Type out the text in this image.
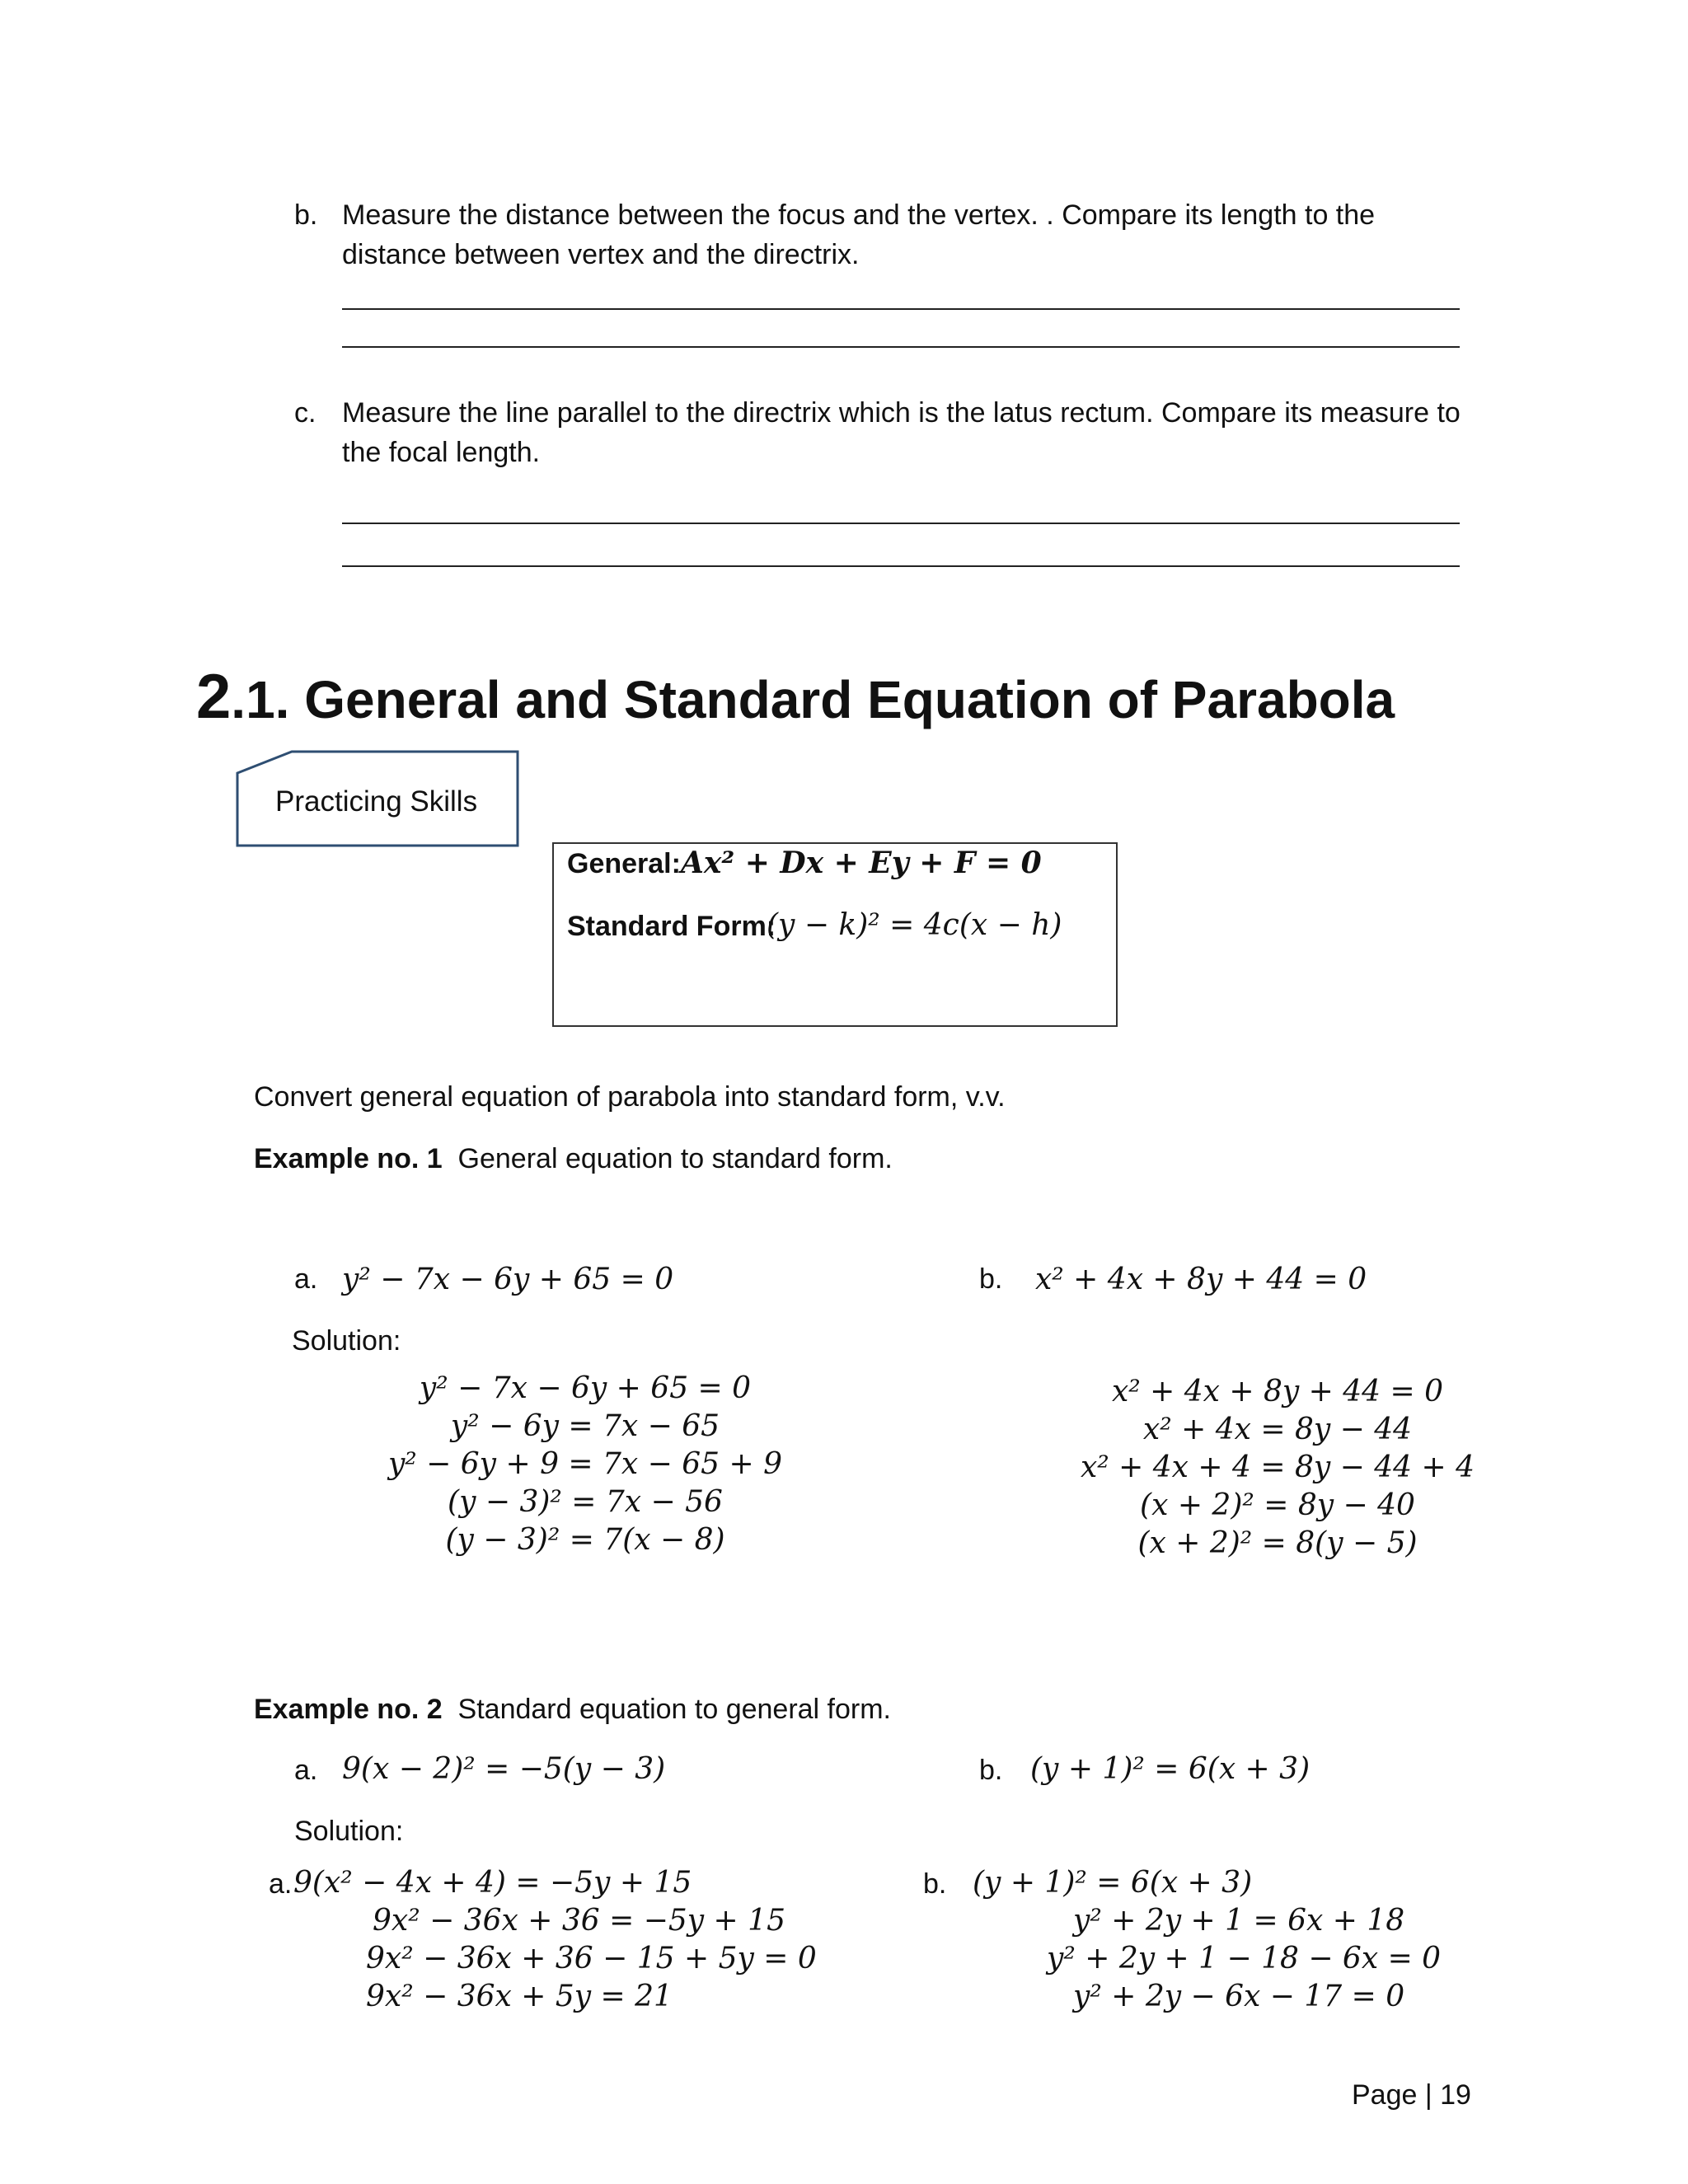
b. Measure the distance between the focus and the vertex. . Compare its length to the
distance between vertex and the directrix.
c. Measure the line parallel to the directrix which is the latus rectum. Compare its measure to
the focal length.
2.1. General and Standard Equation of Parabola
Practicing Skills
General: Ax² + Dx + Ey + F = 0
Standard Form:
(y − k)² = 4c(x − h)
Convert general equation of parabola into standard form, v.v.
Example no. 1 General equation to standard form.
a. y² − 7x − 6y + 65 = 0	b. x² + 4x + 8y + 44 = 0
Solution:
y² − 7x − 6y + 65 = 0
y² − 6y = 7x − 65
y² − 6y + 9 = 7x − 65 + 9
(y − 3)² = 7x − 56
(y − 3)² = 7(x − 8)
x² + 4x + 8y + 44 = 0
x² + 4x = 8y − 44
x² + 4x + 4 = 8y − 44 + 4
(x + 2)² = 8y − 40
(x + 2)² = 8(y − 5)
Example no. 2 Standard equation to general form.
a. 9(x − 2)² = −5(y − 3)	b. (y + 1)² = 6(x + 3)
Solution:
a. 9(x² − 4x + 4) = −5y + 15
9x² − 36x + 36 = −5y + 15
9x² − 36x + 36 − 15 + 5y = 0
9x² − 36x + 5y = 21
b. (y + 1)² = 6(x + 3)
y² + 2y + 1 = 6x + 18
y² + 2y + 1 − 18 − 6x = 0
y² + 2y − 6x − 17 = 0
Page | 19
